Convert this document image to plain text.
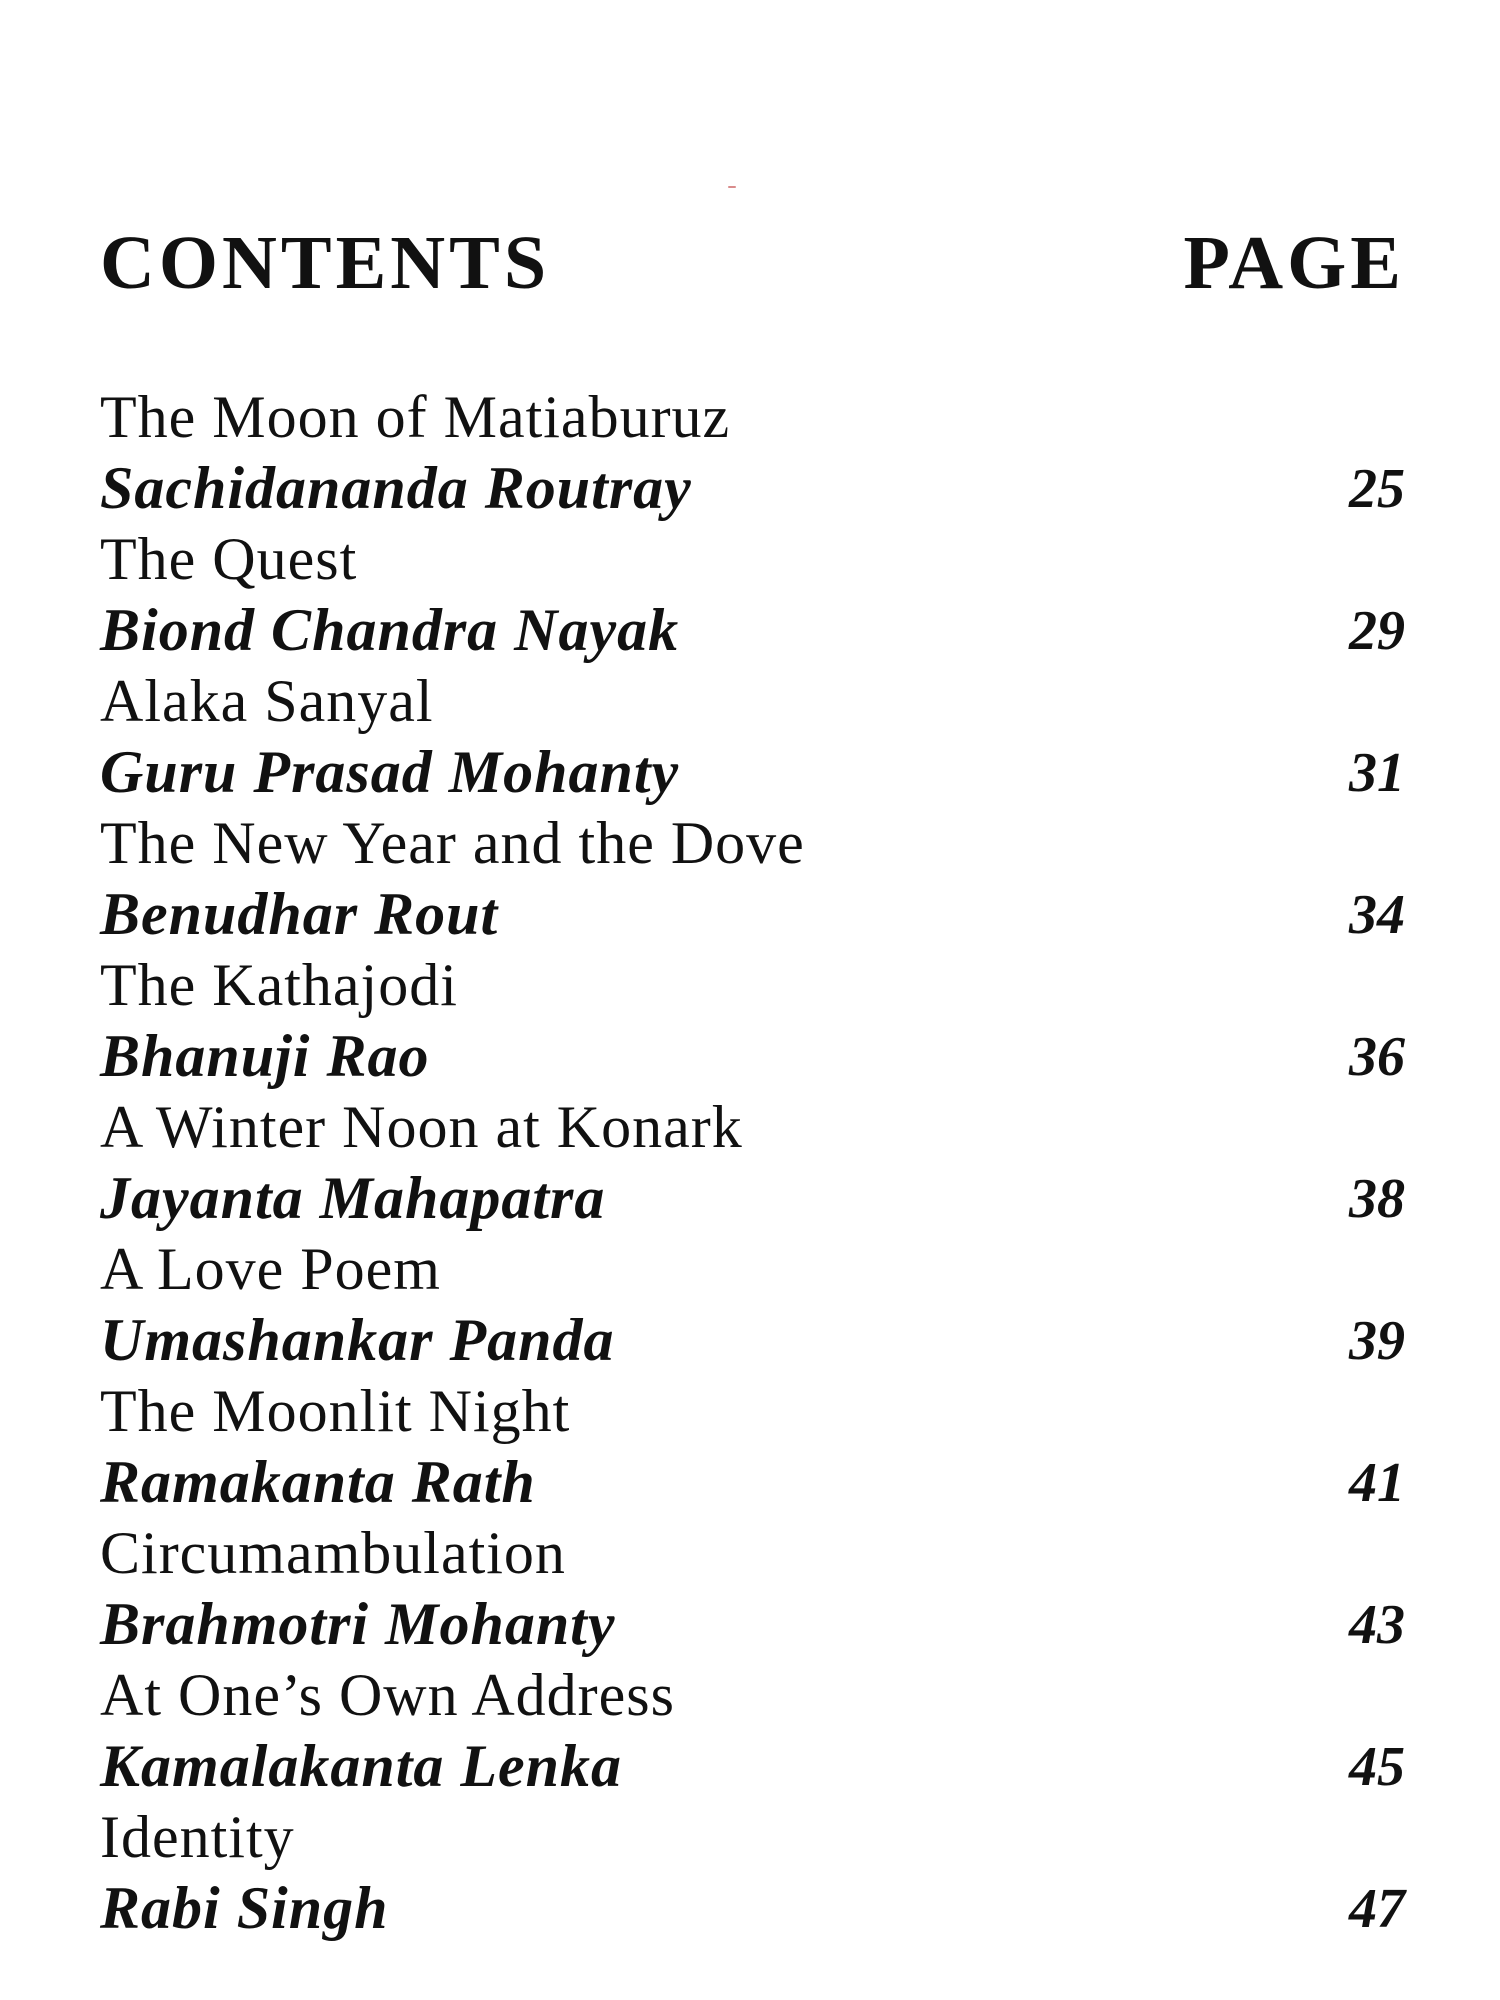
CONTENTS	PAGE
The Moon of Matiaburuz
Sachidananda Routray	25
The Quest
Biond Chandra Nayak	29
Alaka Sanyal
Guru Prasad Mohanty	31
The New Year and the Dove
Benudhar Rout	34
The Kathajodi
Bhanuji Rao	36
A Winter Noon at Konark
Jayanta Mahapatra	38
A Love Poem
Umashankar Panda	39
The Moonlit Night
Ramakanta Rath	41
Circumambulation
Brahmotri Mohanty	43
At One’s Own Address
Kamalakanta Lenka	45
Identity
Rabi Singh	47
